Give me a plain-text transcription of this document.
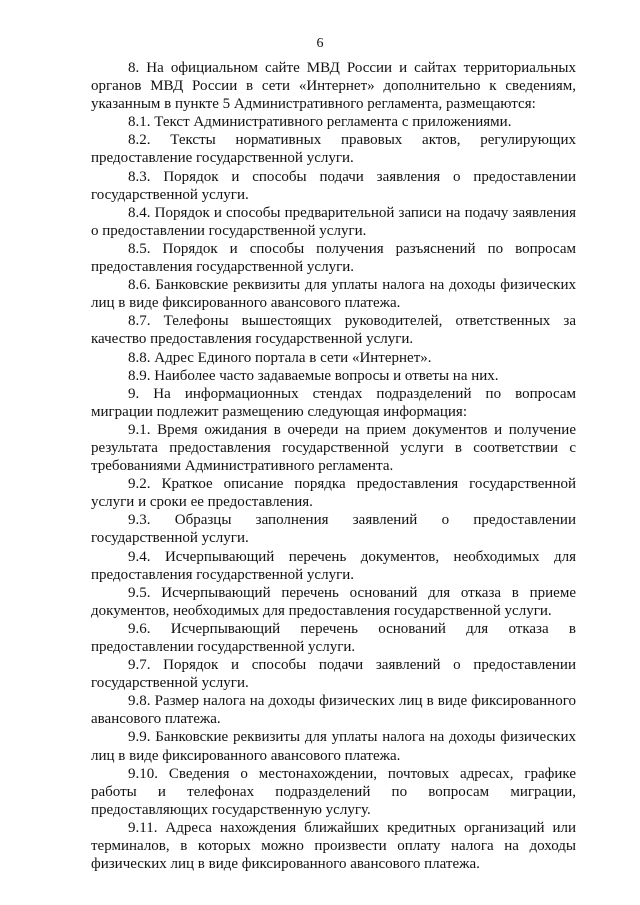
6

8. На официальном сайте МВД России и сайтах территориальных органов МВД России в сети «Интернет» дополнительно к сведениям, указанным в пункте 5 Административного регламента, размещаются:

8.1. Текст Административного регламента с приложениями.

8.2. Тексты нормативных правовых актов, регулирующих предоставление государственной услуги.

8.3. Порядок и способы подачи заявления о предоставлении государственной услуги.

8.4. Порядок и способы предварительной записи на подачу заявления о предоставлении государственной услуги.

8.5. Порядок и способы получения разъяснений по вопросам предоставления государственной услуги.

8.6. Банковские реквизиты для уплаты налога на доходы физических лиц в виде фиксированного авансового платежа.

8.7. Телефоны вышестоящих руководителей, ответственных за качество предоставления государственной услуги.

8.8. Адрес Единого портала в сети «Интернет».

8.9. Наиболее часто задаваемые вопросы и ответы на них.

9. На информационных стендах подразделений по вопросам миграции подлежит размещению следующая информация:

9.1. Время ожидания в очереди на прием документов и получение результата предоставления государственной услуги в соответствии с требованиями Административного регламента.

9.2. Краткое описание порядка предоставления государственной услуги и сроки ее предоставления.

9.3. Образцы заполнения заявлений о предоставлении государственной услуги.

9.4. Исчерпывающий перечень документов, необходимых для предоставления государственной услуги.

9.5. Исчерпывающий перечень оснований для отказа в приеме документов, необходимых для предоставления государственной услуги.

9.6. Исчерпывающий перечень оснований для отказа в предоставлении государственной услуги.

9.7. Порядок и способы подачи заявлений о предоставлении государственной услуги.

9.8. Размер налога на доходы физических лиц в виде фиксированного авансового платежа.

9.9. Банковские реквизиты для уплаты налога на доходы физических лиц в виде фиксированного авансового платежа.

9.10. Сведения о местонахождении, почтовых адресах, графике работы и телефонах подразделений по вопросам миграции, предоставляющих государственную услугу.

9.11. Адреса нахождения ближайших кредитных организаций или терминалов, в которых можно произвести оплату налога на доходы физических лиц в виде фиксированного авансового платежа.
